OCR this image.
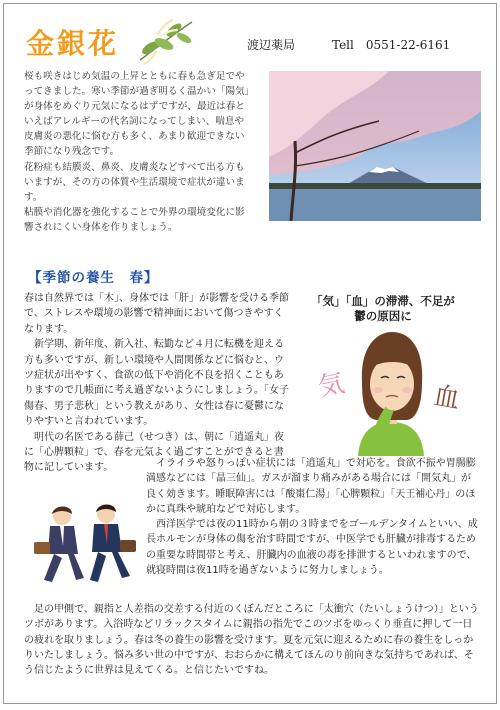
金銀花	渡辺薬局	Tell　0551-22-6161

桜も咲きはじめ気温の上昇とともに春も急ぎ足でやってきました。寒い季節が過ぎ明るく温かい「陽気」が身体をめぐり元気になるはずですが、最近は春といえばアレルギーの代名詞になってしまい、喘息や皮膚炎の悪化に悩む方も多く、あまり歓迎できない季節になり残念です。

花粉症も結膜炎、鼻炎、皮膚炎などすべて出る方もいますが、その方の体質や生活環境で症状が違います。

粘膜や消化器を強化することで外界の環境変化に影響されにくい身体を作りましょう。

【季節の養生　春】

春は自然界では「木」、身体では「肝」が影響を受ける季節で、ストレスや環境の影響で精神面において傷つきやすくなります。

　新学期、新年度、新入社、転勤など４月に転機を迎える方も多いですが、新しい環境や人間関係などに悩むと、ウツ症状が出やすく、食欲の低下や消化不良を招くこともありますので几帳面に考え過ぎないようにしましょう。「女子傷春、男子悲秋」という教えがあり、女性は春に憂鬱になりやすいと言われています。

　明代の名医である薛己（せつき）は、朝に「逍遥丸」夜に「心脾顆粒」で、春を元気よく過ごすことができると書物に記しています。

「気」「血」の滞滞、不足が
鬱の原因に
気	血

　イライラや怒りっぽい症状には「逍遥丸」で対応を。食欲不振や胃腸膨満感などには「晶三仙」。ガスが溜まり痛みがある場合には「開気丸」が良く効きます。睡眠障害には「酸棗仁湯」「心脾顆粒」「天王補心丹」のほかに真珠や琥珀などで対応します。

　西洋医学では夜の11時から朝の３時までをゴールデンタイムといい、成長ホルモンが身体の傷を治す時間ですが、中医学でも肝臓が排毒するための重要な時間帯と考え、肝臓内の血液の毒を排泄するといわれますので、就寝時間は夜11時を過ぎないように努力しましょう。

　足の甲側で、親指と人差指の交差する付近のくぼんだところに「太衝穴（たいしょうけつ）」というツボがあります。入浴時などリラックスタイムに親指の指先でこのツボをゆっくり垂直に押して一日の疲れを取りましょう。春は冬の養生の影響を受けます。夏を元気に迎えるために春の養生をしっかりいたしましょう。悩み多い世の中ですが、おおらかに構えてほんのり前向きな気持ちであれば、そう信じたように世界は見えてくる。と信じたいですね。
